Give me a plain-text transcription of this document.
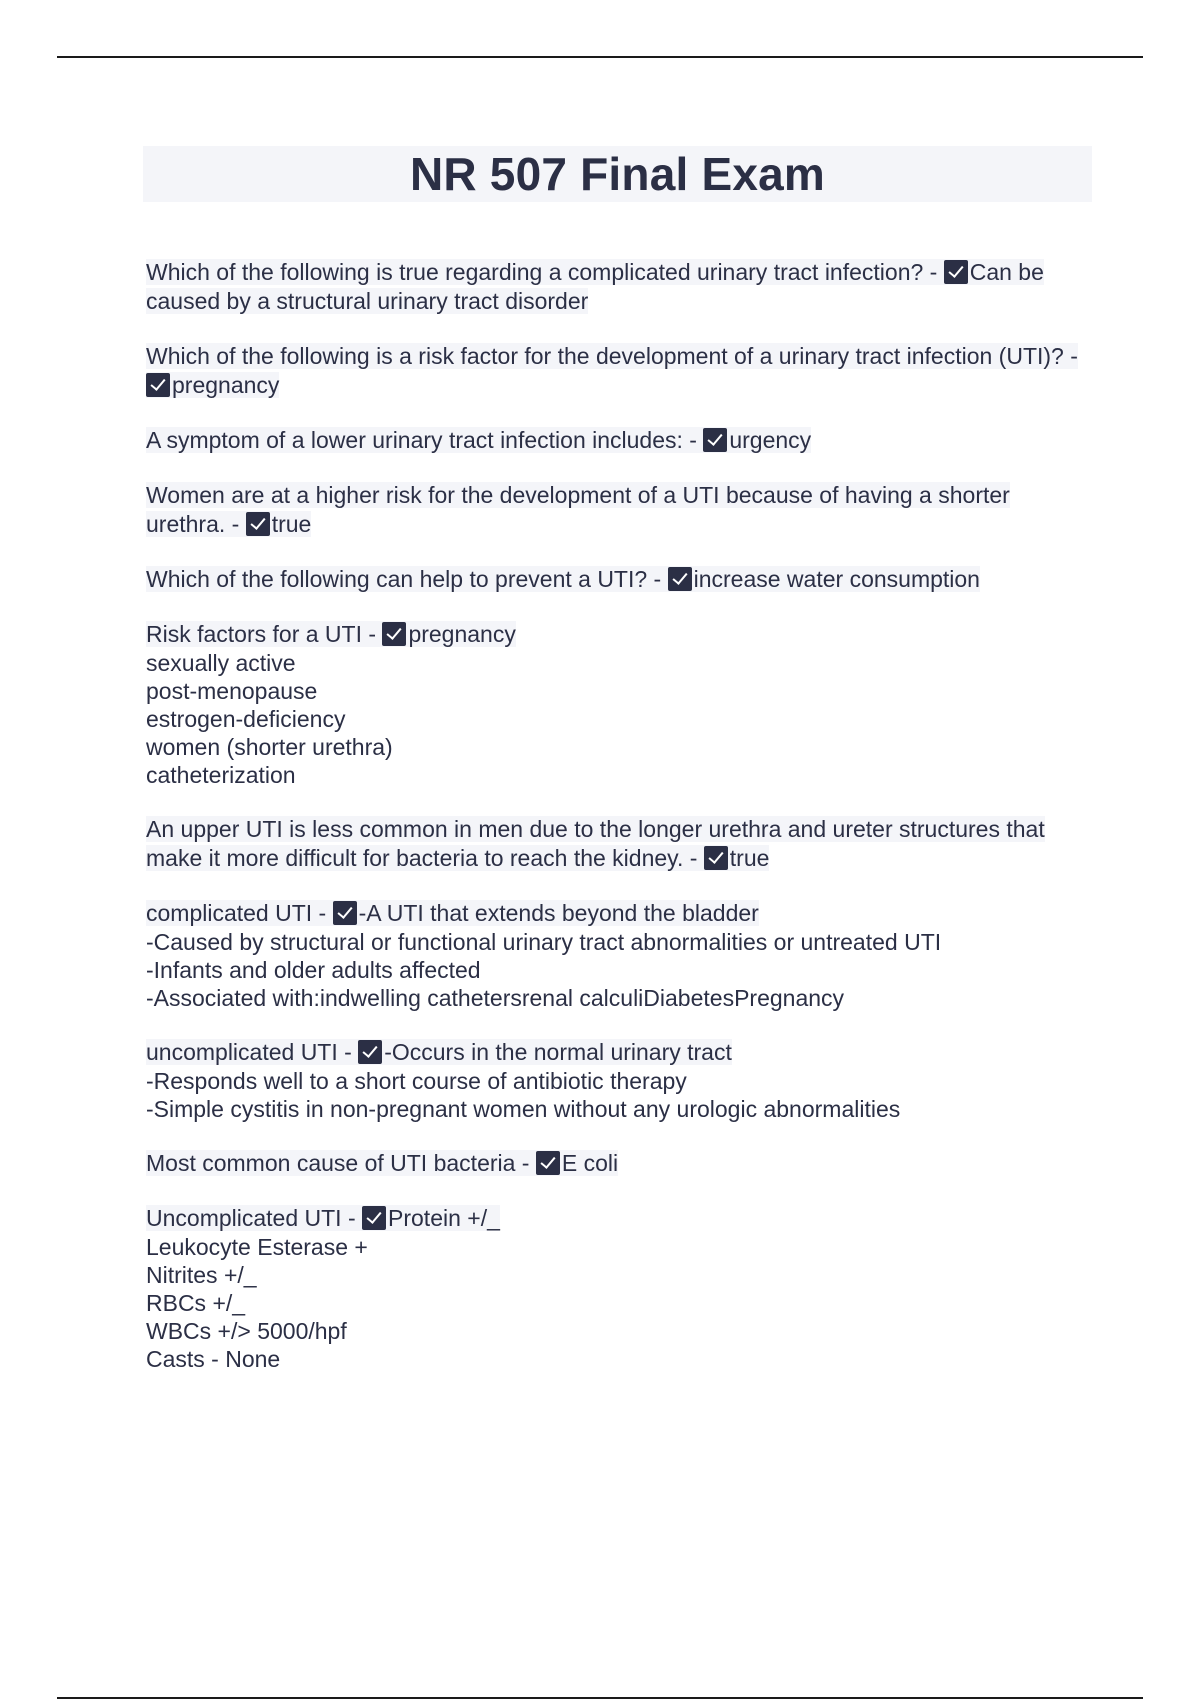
NR 507 Final Exam
Which of the following is true regarding a complicated urinary tract infection? - Can be caused by a structural urinary tract disorder
Which of the following is a risk factor for the development of a urinary tract infection (UTI)? - pregnancy
A symptom of a lower urinary tract infection includes: - urgency
Women are at a higher risk for the development of a UTI because of having a shorter urethra. - true
Which of the following can help to prevent a UTI? - increase water consumption
Risk factors for a UTI - pregnancy
sexually active
post-menopause
estrogen-deficiency
women (shorter urethra)
catheterization
An upper UTI is less common in men due to the longer urethra and ureter structures that make it more difficult for bacteria to reach the kidney. - true
complicated UTI - -A UTI that extends beyond the bladder
-Caused by structural or functional urinary tract abnormalities or untreated UTI
-Infants and older adults affected
-Associated with:indwelling cathetersrenal calculiDiabetesPregnancy
uncomplicated UTI - -Occurs in the normal urinary tract
-Responds well to a short course of antibiotic therapy
-Simple cystitis in non-pregnant women without any urologic abnormalities
Most common cause of UTI bacteria - E coli
Uncomplicated UTI - Protein +/_
Leukocyte Esterase +
Nitrites +/_
RBCs +/_
WBCs +/> 5000/hpf
Casts - None
